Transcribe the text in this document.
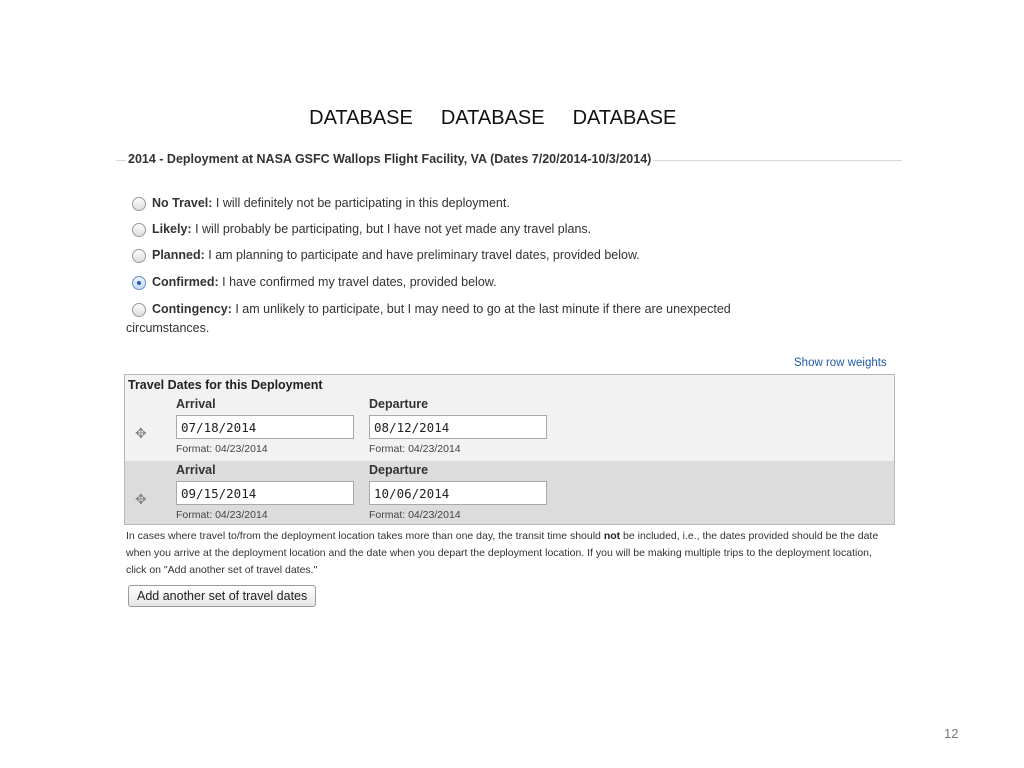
DATABASE DATABASE DATABASE

2014 - Deployment at NASA GSFC Wallops Flight Facility, VA (Dates 7/20/2014-10/3/2014)
No Travel: I will definitely not be participating in this deployment.
Likely: I will probably be participating, but I have not yet made any travel plans.
Planned: I am planning to participate and have preliminary travel dates, provided below.
Confirmed: I have confirmed my travel dates, provided below.
Contingency: I am unlikely to participate, but I may need to go at the last minute if there are unexpected
circumstances.
Show row weights
Travel Dates for this Deployment
✥
Arrival
07/18/2014
Format: 04/23/2014
Departure
08/12/2014
Format: 04/23/2014
✥
Arrival
09/15/2014
Format: 04/23/2014
Departure
10/06/2014
Format: 04/23/2014
In cases where travel to/from the deployment location takes more than one day, the transit time should not be included, i.e., the dates provided should be the date when you arrive at the deployment location and the date when you depart the deployment location. If you will be making multiple trips to the deployment location, click on "Add another set of travel dates."
Add another set of travel dates
12
